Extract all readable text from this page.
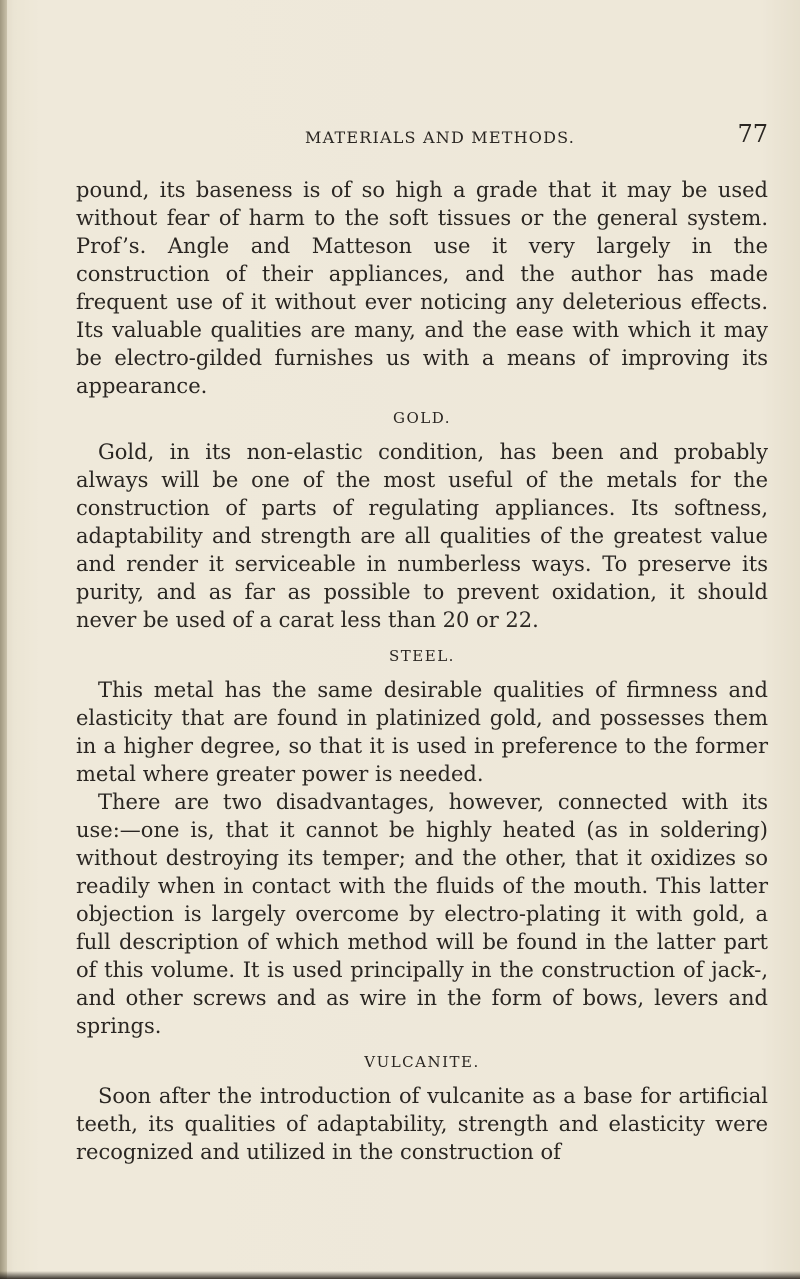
MATERIALS AND METHODS.	77

pound, its baseness is of so high a grade that it may be used without fear of harm to the soft tissues or the general system. Prof’s. Angle and Matteson use it very largely in the construction of their appliances, and the author has made frequent use of it without ever noticing any deleterious effects. Its valuable qualities are many, and the ease with which it may be electro-gilded furnishes us with a means of improving its appearance.

GOLD.

Gold, in its non-elastic condition, has been and probably always will be one of the most useful of the metals for the construction of parts of regulating appliances. Its softness, adaptability and strength are all qualities of the greatest value and render it serviceable in numberless ways. To preserve its purity, and as far as possible to prevent oxidation, it should never be used of a carat less than 20 or 22.

STEEL.

This metal has the same desirable qualities of firmness and elasticity that are found in platinized gold, and possesses them in a higher degree, so that it is used in preference to the former metal where greater power is needed.

There are two disadvantages, however, connected with its use:—one is, that it cannot be highly heated (as in soldering) without destroying its temper; and the other, that it oxidizes so readily when in contact with the fluids of the mouth. This latter objection is largely overcome by electro-plating it with gold, a full description of which method will be found in the latter part of this volume. It is used principally in the construction of jack-, and other screws and as wire in the form of bows, levers and springs.

VULCANITE.

Soon after the introduction of vulcanite as a base for artificial teeth, its qualities of adaptability, strength and elasticity were recognized and utilized in the construction of
